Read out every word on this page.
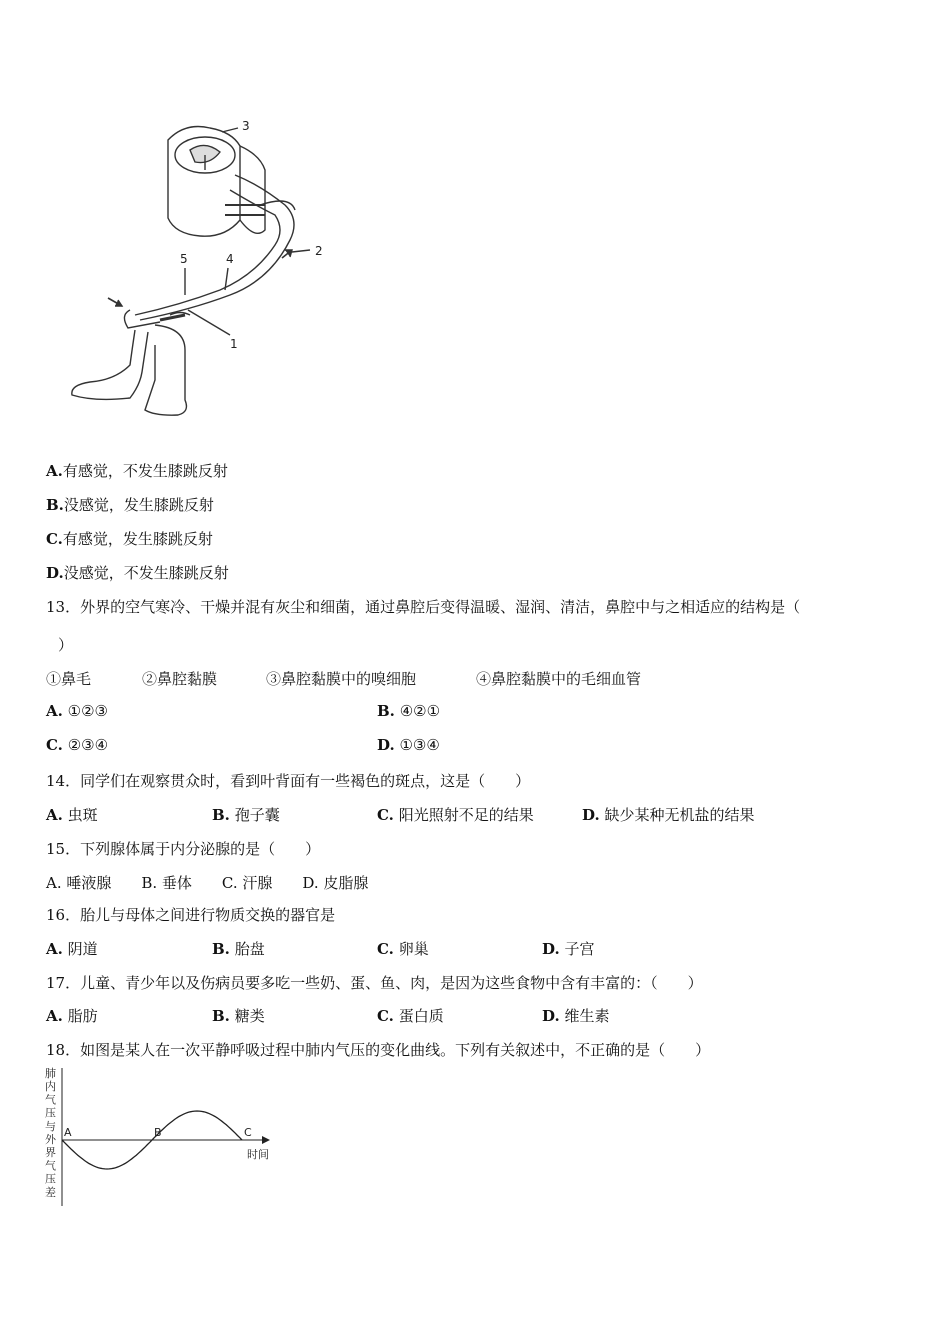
3
2
5	4
1
A.有感觉，不发生膝跳反射
B.没感觉，发生膝跳反射
C.有感觉，发生膝跳反射
D.没感觉，不发生膝跳反射
13．外界的空气寒冷、干燥并混有灰尘和细菌，通过鼻腔后变得温暖、湿润、清洁，鼻腔中与之相适应的结构是（
）
①鼻毛	②鼻腔黏膜	③鼻腔黏膜中的嗅细胞	④鼻腔黏膜中的毛细血管
A. ①②③	B. ④②①
C. ②③④	D. ①③④
14．同学们在观察贯众时，看到叶背面有一些褐色的斑点，这是（　　）
A. 虫斑	B. 孢子囊	C. 阳光照射不足的结果	D. 缺少某种无机盐的结果
15．下列腺体属于内分泌腺的是（　　）
A. 唾液腺　　B. 垂体　　C. 汗腺　　D. 皮脂腺
16．胎儿与母体之间进行物质交换的器官是
A. 阴道	B. 胎盘	C. 卵巢	D. 子宫
17．儿童、青少年以及伤病员要多吃一些奶、蛋、鱼、肉，是因为这些食物中含有丰富的：（　　）
A. 脂肪	B. 糖类	C. 蛋白质	D. 维生素
18．如图是某人在一次平静呼吸过程中肺内气压的变化曲线。下列有关叙述中，不正确的是（　　）
肺
内
气
压
与
外
界
气
压
差
A	B	C
时间
